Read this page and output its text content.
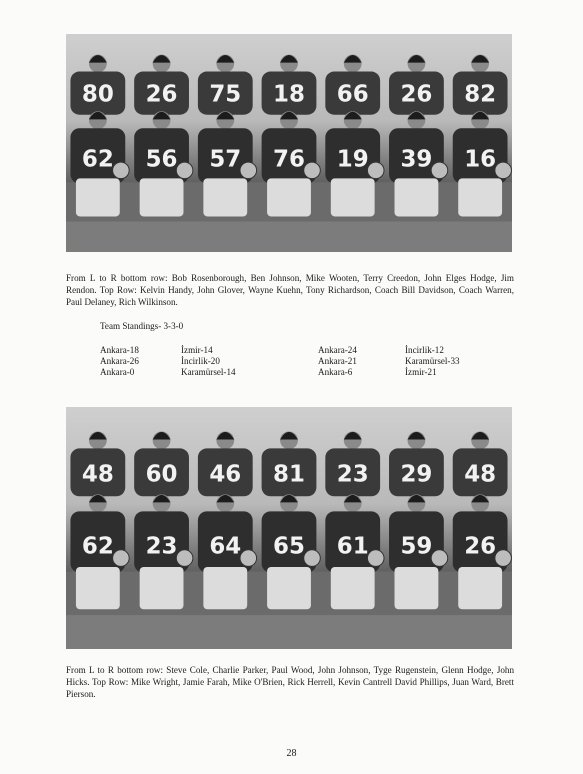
80 26 75 18 66 26 82
62 56 57 76 19 39 16
From L to R bottom row: Bob Rosenborough, Ben Johnson, Mike Wooten, Terry Creedon, John Elges Hodge, Jim Rendon. Top Row: Kelvin Handy, John Glover, Wayne Kuehn, Tony Richardson, Coach Bill Davidson, Coach Warren, Paul Delaney, Rich Wilkinson.
Team Standings- 3-3-0
Ankara-18
Ankara-26
Ankara-0
İzmir-14
İncirlik-20
Karamürsel-14
Ankara-24
Ankara-21
Ankara-6
İncirlik-12
Karamürsel-33
İzmir-21
48 60 46 81 23 29 48
62 23 64 65 61 59 26
From L to R bottom row: Steve Cole, Charlie Parker, Paul Wood, John Johnson, Tyge Rugenstein, Glenn Hodge, John Hicks. Top Row: Mike Wright, Jamie Farah, Mike O'Brien, Rick Herrell, Kevin Cantrell David Phillips, Juan Ward, Brett Pierson.
28
